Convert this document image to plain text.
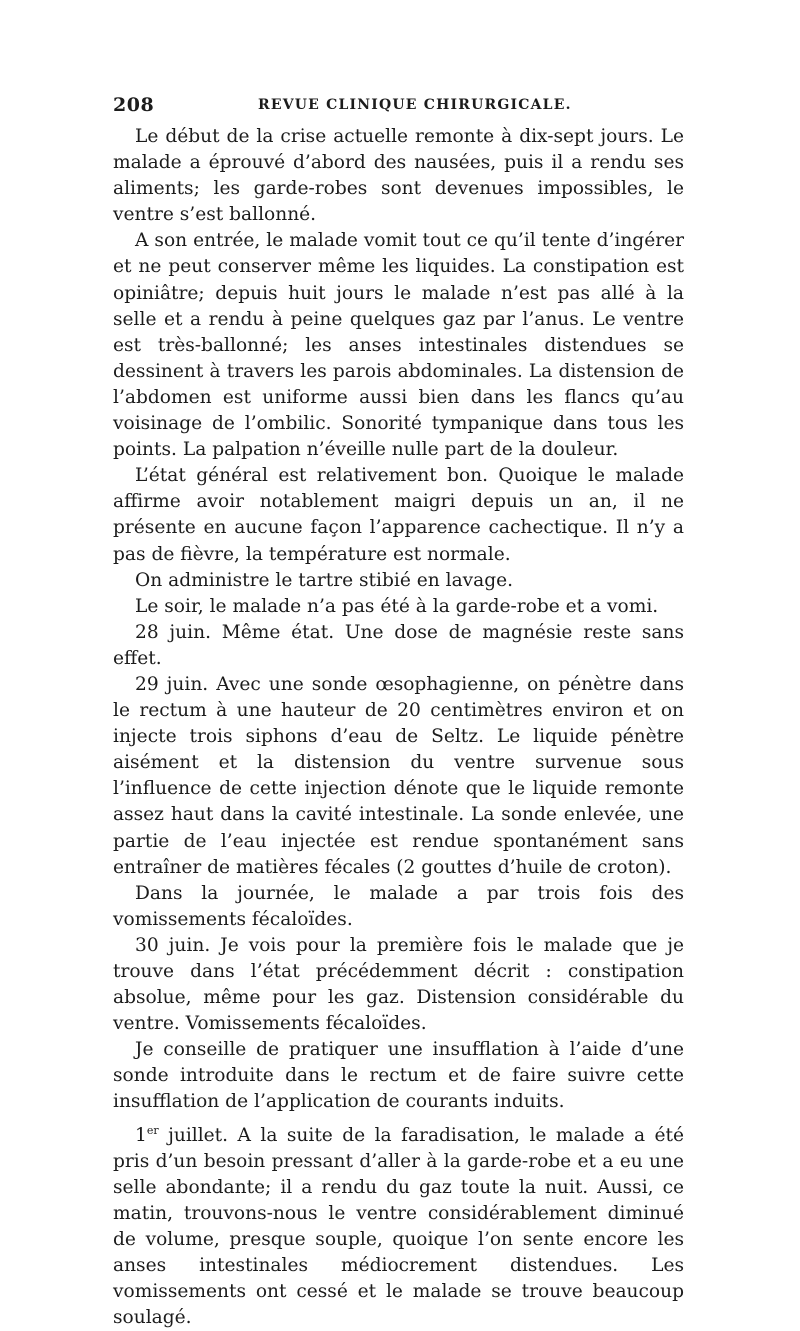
208	REVUE CLINIQUE CHIRURGICALE.

Le début de la crise actuelle remonte à dix-sept jours. Le malade a éprouvé d’abord des nausées, puis il a rendu ses aliments; les garde-robes sont devenues impossibles, le ventre s’est ballonné.

A son entrée, le malade vomit tout ce qu’il tente d’ingérer et ne peut conserver même les liquides. La constipation est opiniâtre; depuis huit jours le malade n’est pas allé à la selle et a rendu à peine quelques gaz par l’anus. Le ventre est très-ballonné; les anses intestinales distendues se dessinent à travers les parois abdominales. La distension de l’abdomen est uniforme aussi bien dans les flancs qu’au voisinage de l’ombilic. Sonorité tympanique dans tous les points. La palpation n’éveille nulle part de la douleur.

L’état général est relativement bon. Quoique le malade affirme avoir notablement maigri depuis un an, il ne présente en aucune façon l’apparence cachectique. Il n’y a pas de fièvre, la température est normale.

On administre le tartre stibié en lavage.

Le soir, le malade n’a pas été à la garde-robe et a vomi.

28 juin. Même état. Une dose de magnésie reste sans effet.

29 juin. Avec une sonde œsophagienne, on pénètre dans le rectum à une hauteur de 20 centimètres environ et on injecte trois siphons d’eau de Seltz. Le liquide pénètre aisément et la distension du ventre survenue sous l’influence de cette injection dénote que le liquide remonte assez haut dans la cavité intestinale. La sonde enlevée, une partie de l’eau injectée est rendue spontanément sans entraîner de matières fécales (2 gouttes d’huile de croton).

Dans la journée, le malade a par trois fois des vomissements fécaloïdes.

30 juin. Je vois pour la première fois le malade que je trouve dans l’état précédemment décrit : constipation absolue, même pour les gaz. Distension considérable du ventre. Vomissements fécaloïdes.

Je conseille de pratiquer une insufflation à l’aide d’une sonde introduite dans le rectum et de faire suivre cette insufflation de l’application de courants induits.

1er juillet. A la suite de la faradisation, le malade a été pris d’un besoin pressant d’aller à la garde-robe et a eu une selle abondante; il a rendu du gaz toute la nuit. Aussi, ce matin, trouvons-nous le ventre considérablement diminué de volume, presque souple, quoique l’on sente encore les anses intestinales médiocrement distendues. Les vomissements ont cessé et le malade se trouve beaucoup soulagé.
